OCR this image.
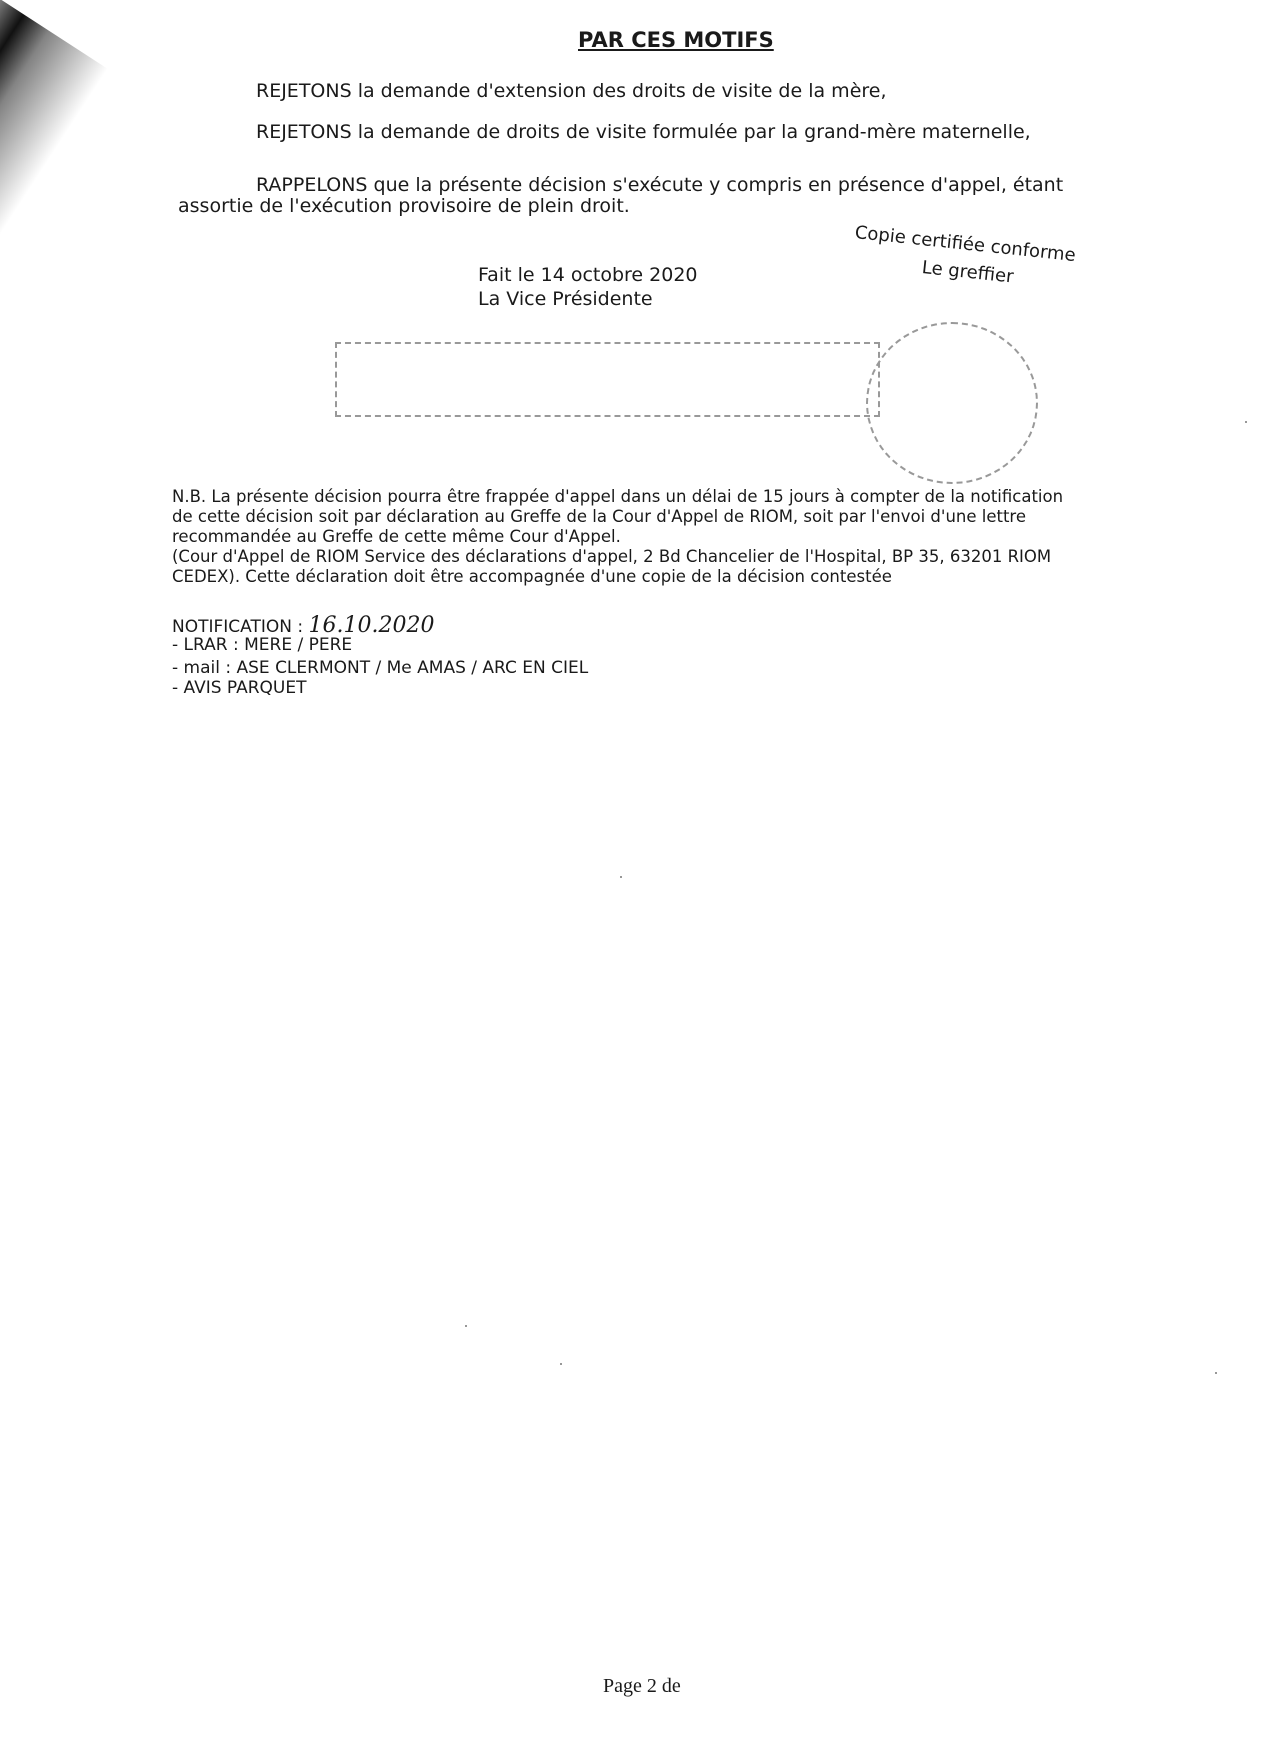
PAR CES MOTIFS

REJETONS la demande d'extension des droits de visite de la mère,

REJETONS la demande de droits de visite formulée par la grand-mère maternelle,

RAPPELONS que la présente décision s'exécute y compris en présence d'appel, étant

assortie de l'exécution provisoire de plein droit.

Copie certifiée conforme
Le greffier
Fait le 14 octobre 2020
La Vice Présidente

N.B. La présente décision pourra être frappée d'appel dans un délai de 15 jours à compter de la notification

de cette décision soit par déclaration au Greffe de la Cour d'Appel de RIOM, soit par l'envoi d'une lettre

recommandée au Greffe de cette même Cour d'Appel.

(Cour d'Appel de RIOM Service des déclarations d'appel, 2 Bd Chancelier de l'Hospital, BP 35, 63201 RIOM

CEDEX). Cette déclaration doit être accompagnée d'une copie de la décision contestée

NOTIFICATION : 16.10.2020
- LRAR : MERE / PERE
- mail : ASE CLERMONT / Me AMAS / ARC EN CIEL
- AVIS PARQUET
Page 2 de
